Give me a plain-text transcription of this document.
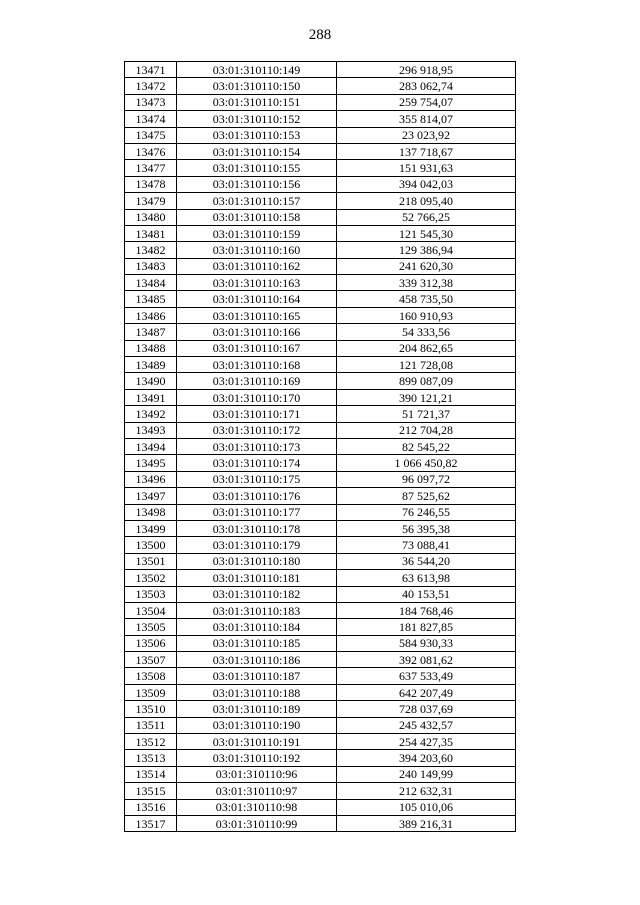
288
13471	03:01:310110:149	296 918,95
13472	03:01:310110:150	283 062,74
13473	03:01:310110:151	259 754,07
13474	03:01:310110:152	355 814,07
13475	03:01:310110:153	23 023,92
13476	03:01:310110:154	137 718,67
13477	03:01:310110:155	151 931,63
13478	03:01:310110:156	394 042,03
13479	03:01:310110:157	218 095,40
13480	03:01:310110:158	52 766,25
13481	03:01:310110:159	121 545,30
13482	03:01:310110:160	129 386,94
13483	03:01:310110:162	241 620,30
13484	03:01:310110:163	339 312,38
13485	03:01:310110:164	458 735,50
13486	03:01:310110:165	160 910,93
13487	03:01:310110:166	54 333,56
13488	03:01:310110:167	204 862,65
13489	03:01:310110:168	121 728,08
13490	03:01:310110:169	899 087,09
13491	03:01:310110:170	390 121,21
13492	03:01:310110:171	51 721,37
13493	03:01:310110:172	212 704,28
13494	03:01:310110:173	82 545,22
13495	03:01:310110:174	1 066 450,82
13496	03:01:310110:175	96 097,72
13497	03:01:310110:176	87 525,62
13498	03:01:310110:177	76 246,55
13499	03:01:310110:178	56 395,38
13500	03:01:310110:179	73 088,41
13501	03:01:310110:180	36 544,20
13502	03:01:310110:181	63 613,98
13503	03:01:310110:182	40 153,51
13504	03:01:310110:183	184 768,46
13505	03:01:310110:184	181 827,85
13506	03:01:310110:185	584 930,33
13507	03:01:310110:186	392 081,62
13508	03:01:310110:187	637 533,49
13509	03:01:310110:188	642 207,49
13510	03:01:310110:189	728 037,69
13511	03:01:310110:190	245 432,57
13512	03:01:310110:191	254 427,35
13513	03:01:310110:192	394 203,60
13514	03:01:310110:96	240 149,99
13515	03:01:310110:97	212 632,31
13516	03:01:310110:98	105 010,06
13517	03:01:310110:99	389 216,31
